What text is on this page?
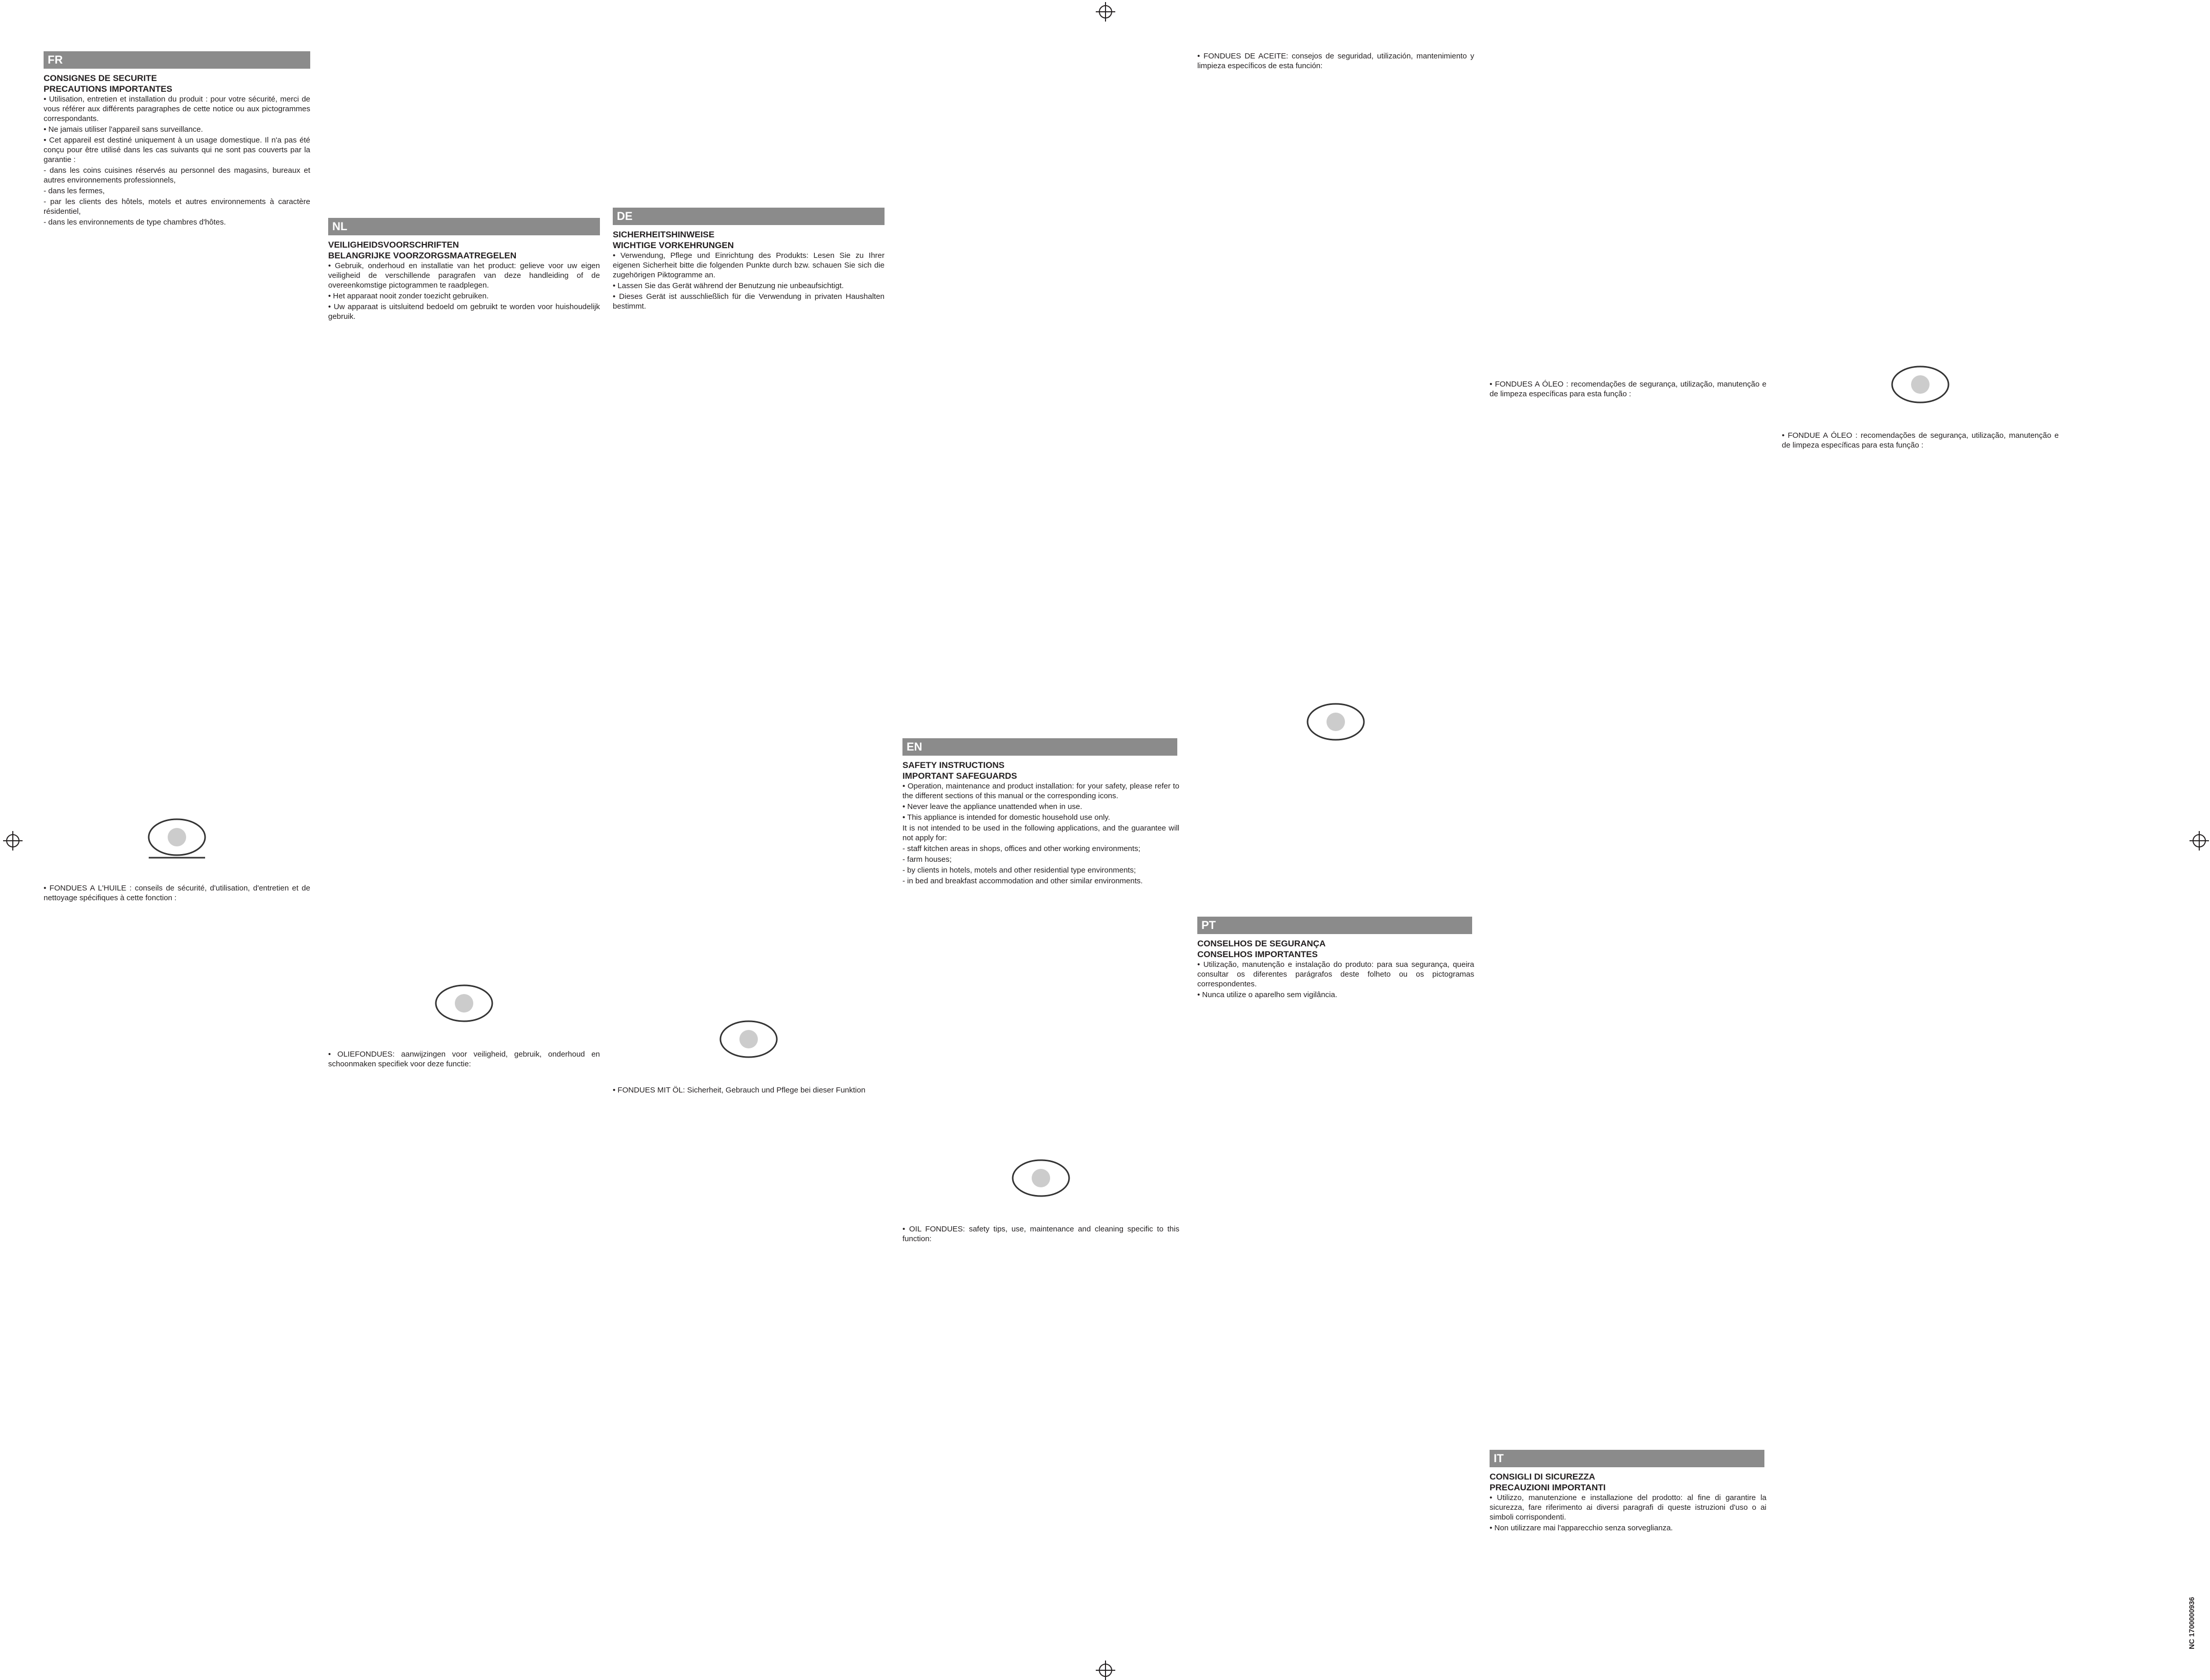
FR

CONSIGNES DE SECURITE

PRECAUTIONS IMPORTANTES

• Utilisation, entretien et installation du produit : pour votre sécurité, merci de vous référer aux différents paragraphes de cette notice ou aux pictogrammes correspondants.

• Ne jamais utiliser l'appareil sans surveillance.

• Cet appareil est destiné uniquement à un usage domestique. Il n'a pas été conçu pour être utilisé dans les cas suivants qui ne sont pas couverts par la garantie :

- dans les coins cuisines réservés au personnel des magasins, bureaux et autres environnements professionnels,

- dans les fermes,

- par les clients des hôtels, motels et autres environnements à caractère résidentiel,

- dans les environnements de type chambres d'hôtes.

• FONDUES A L'HUILE : conseils de sécurité, d'utilisation, d'entretien et de nettoyage spécifiques à cette fonction :

NL

VEILIGHEIDSVOORSCHRIFTEN

BELANGRIJKE VOORZORGSMAATREGELEN

• Gebruik, onderhoud en installatie van het product: gelieve voor uw eigen veiligheid de verschillende paragrafen van deze handleiding of de overeenkomstige pictogrammen te raadplegen.

• Het apparaat nooit zonder toezicht gebruiken.

• Uw apparaat is uitsluitend bedoeld om gebruikt te worden voor huishoudelijk gebruik.

• OLIEFONDUES: aanwijzingen voor veiligheid, gebruik, onderhoud en schoonmaken specifiek voor deze functie:

DE

SICHERHEITSHINWEISE

WICHTIGE VORKEHRUNGEN

• Verwendung, Pflege und Einrichtung des Produkts: Lesen Sie zu Ihrer eigenen Sicherheit bitte die folgenden Punkte durch bzw. schauen Sie sich die zugehörigen Piktogramme an.

• Lassen Sie das Gerät während der Benutzung nie unbeaufsichtigt.

• Dieses Gerät ist ausschließlich für die Verwendung in privaten Haushalten bestimmt.

• FONDUES MIT ÖL: Sicherheit, Gebrauch und Pflege bei dieser Funktion

EN

SAFETY INSTRUCTIONS

IMPORTANT SAFEGUARDS

• Operation, maintenance and product installation: for your safety, please refer to the different sections of this manual or the corresponding icons.

• Never leave the appliance unattended when in use.

• This appliance is intended for domestic household use only.

It is not intended to be used in the following applications, and the guarantee will not apply for:

- staff kitchen areas in shops, offices and other working environments;

- farm houses;

- by clients in hotels, motels and other residential type environments;

- in bed and breakfast accommodation and other similar environments.

• OIL FONDUES: safety tips, use, maintenance and cleaning specific to this function:

• FONDUES DE ACEITE: consejos de seguridad, utilización, mantenimiento y limpieza específicos de esta función:

PT

CONSELHOS DE SEGURANÇA

CONSELHOS IMPORTANTES

• Utilização, manutenção e instalação do produto: para sua segurança, queira consultar os diferentes parágrafos deste folheto ou os pictogramas correspondentes.

• Nunca utilize o aparelho sem vigilância.

• FONDUES A ÓLEO : recomendações de segurança, utilização, manutenção e de limpeza específicas para esta função :

IT

CONSIGLI DI SICUREZZA

PRECAUZIONI IMPORTANTI

• Utilizzo, manutenzione e installazione del prodotto: al fine di garantire la sicurezza, fare riferimento ai diversi paragrafi di queste istruzioni d'uso o ai simboli corrispondenti.

• Non utilizzare mai l'apparecchio senza sorveglianza.

• FONDUE A ÓLEO : recomendações de segurança, utilização, manutenção e de limpeza específicas para esta função :

NC 1700000936
